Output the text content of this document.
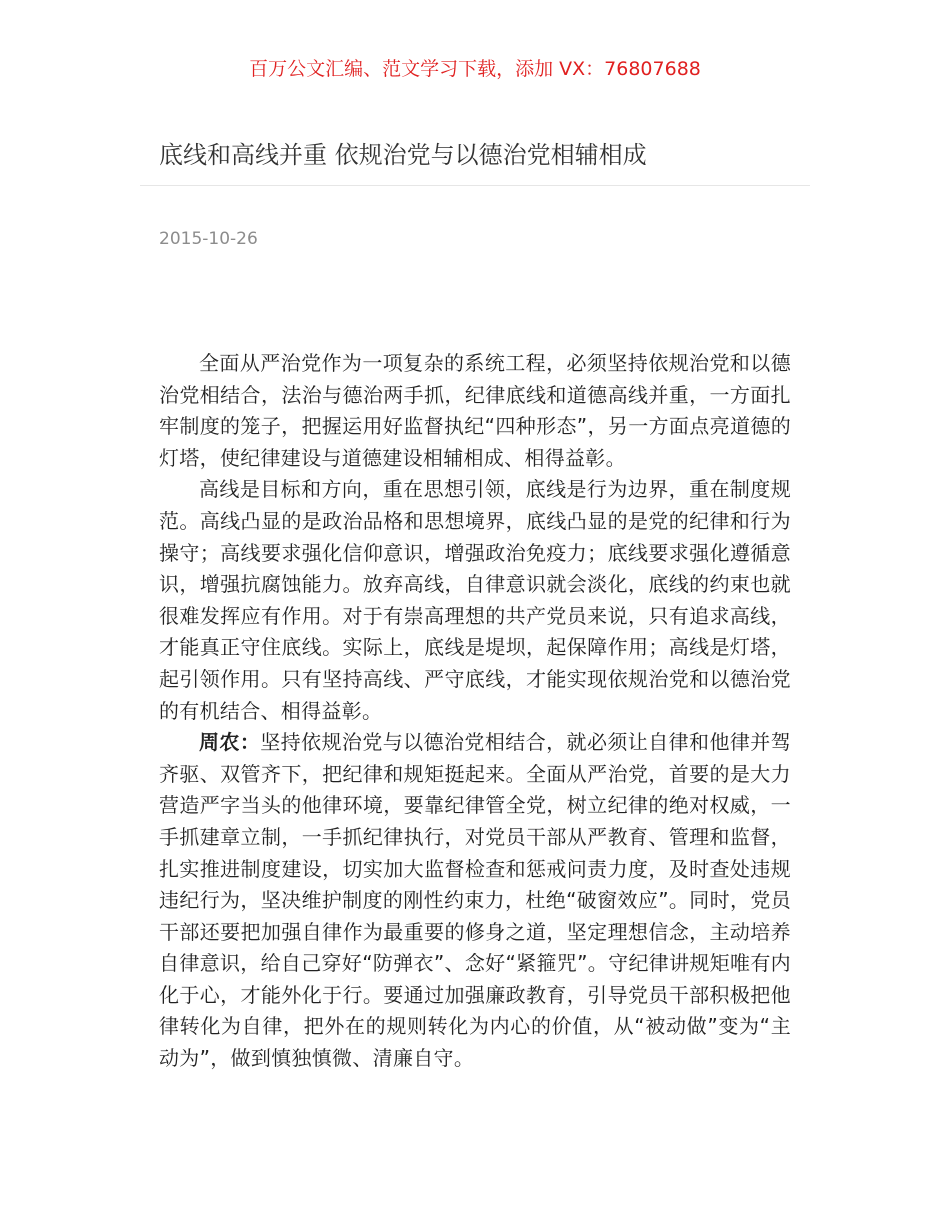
百万公文汇编、范文学习下载，添加 VX：76807688
底线和高线并重 依规治党与以德治党相辅相成
2015-10-26

全面从严治党作为一项复杂的系统工程，必须坚持依规治党和以德治党相结合，法治与德治两手抓，纪律底线和道德高线并重，一方面扎牢制度的笼子，把握运用好监督执纪“四种形态”，另一方面点亮道德的灯塔，使纪律建设与道德建设相辅相成、相得益彰。

高线是目标和方向，重在思想引领，底线是行为边界，重在制度规范。高线凸显的是政治品格和思想境界，底线凸显的是党的纪律和行为操守；高线要求强化信仰意识，增强政治免疫力；底线要求强化遵循意识，增强抗腐蚀能力。放弃高线，自律意识就会淡化，底线的约束也就很难发挥应有作用。对于有崇高理想的共产党员来说，只有追求高线，才能真正守住底线。实际上，底线是堤坝，起保障作用；高线是灯塔，起引领作用。只有坚持高线、严守底线，才能实现依规治党和以德治党的有机结合、相得益彰。

周农：坚持依规治党与以德治党相结合，就必须让自律和他律并驾齐驱、双管齐下，把纪律和规矩挺起来。全面从严治党，首要的是大力营造严字当头的他律环境，要靠纪律管全党，树立纪律的绝对权威，一手抓建章立制，一手抓纪律执行，对党员干部从严教育、管理和监督，扎实推进制度建设，切实加大监督检查和惩戒问责力度，及时查处违规违纪行为，坚决维护制度的刚性约束力，杜绝“破窗效应”。同时，党员干部还要把加强自律作为最重要的修身之道，坚定理想信念，主动培养自律意识，给自己穿好“防弹衣”、念好“紧箍咒”。守纪律讲规矩唯有内化于心，才能外化于行。要通过加强廉政教育，引导党员干部积极把他律转化为自律，把外在的规则转化为内心的价值，从“被动做”变为“主动为”，做到慎独慎微、清廉自守。
